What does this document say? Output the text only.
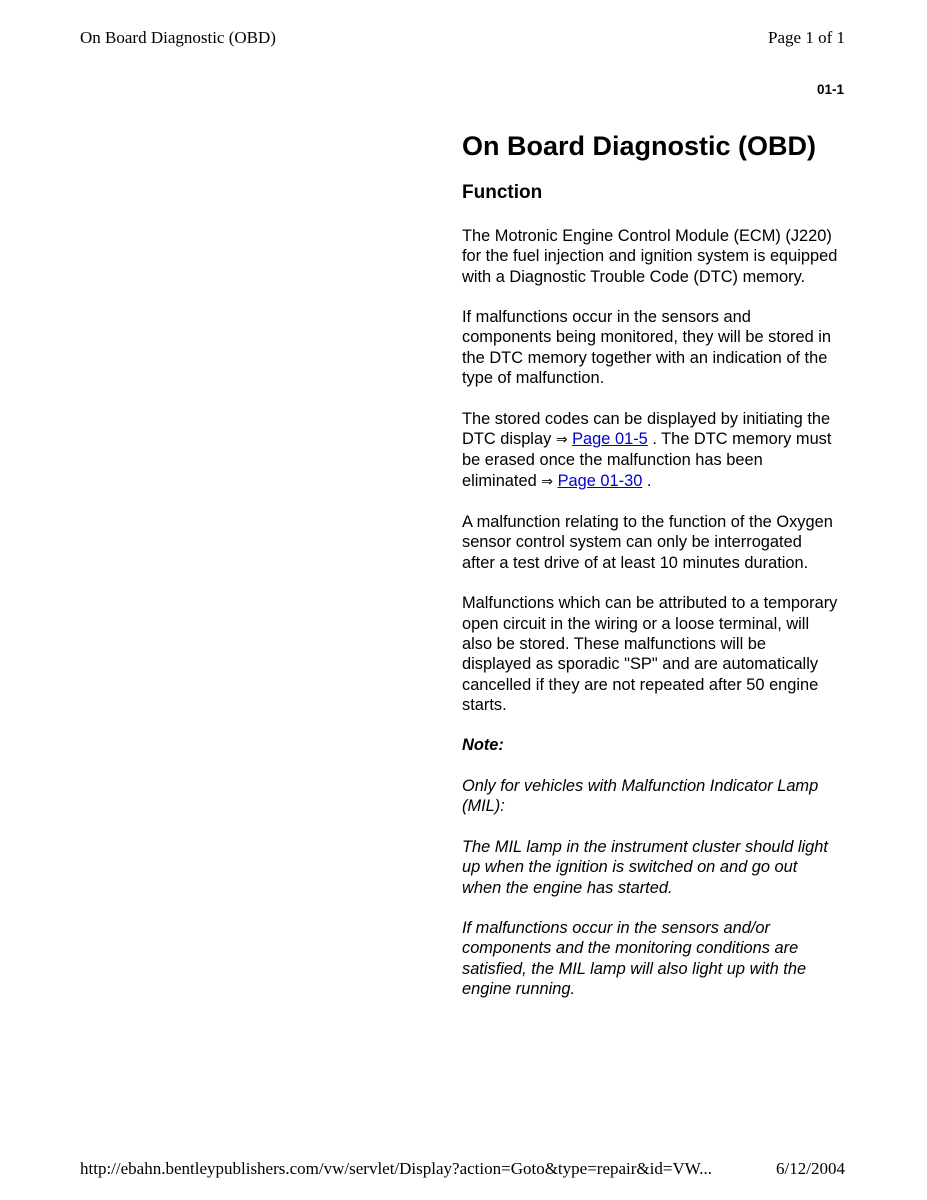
On Board Diagnostic (OBD)	Page 1 of 1
01-1
On Board Diagnostic (OBD)
Function

The Motronic Engine Control Module (ECM) (J220) for the fuel injection and ignition system is equipped with a Diagnostic Trouble Code (DTC) memory.

If malfunctions occur in the sensors and components being monitored, they will be stored in the DTC memory together with an indication of the type of malfunction.

The stored codes can be displayed by initiating the DTC display ⇒ Page 01-5 . The DTC memory must be erased once the malfunction has been eliminated ⇒ Page 01-30 .

A malfunction relating to the function of the Oxygen sensor control system can only be interrogated after a test drive of at least 10 minutes duration.

Malfunctions which can be attributed to a temporary open circuit in the wiring or a loose terminal, will also be stored. These malfunctions will be displayed as sporadic "SP" and are automatically cancelled if they are not repeated after 50 engine starts.

Note:

Only for vehicles with Malfunction Indicator Lamp (MIL):

The MIL lamp in the instrument cluster should light up when the ignition is switched on and go out when the engine has started.

If malfunctions occur in the sensors and/or components and the monitoring conditions are satisfied, the MIL lamp will also light up with the engine running.

http://ebahn.bentleypublishers.com/vw/servlet/Display?action=Goto&type=repair&id=VW...	6/12/2004
